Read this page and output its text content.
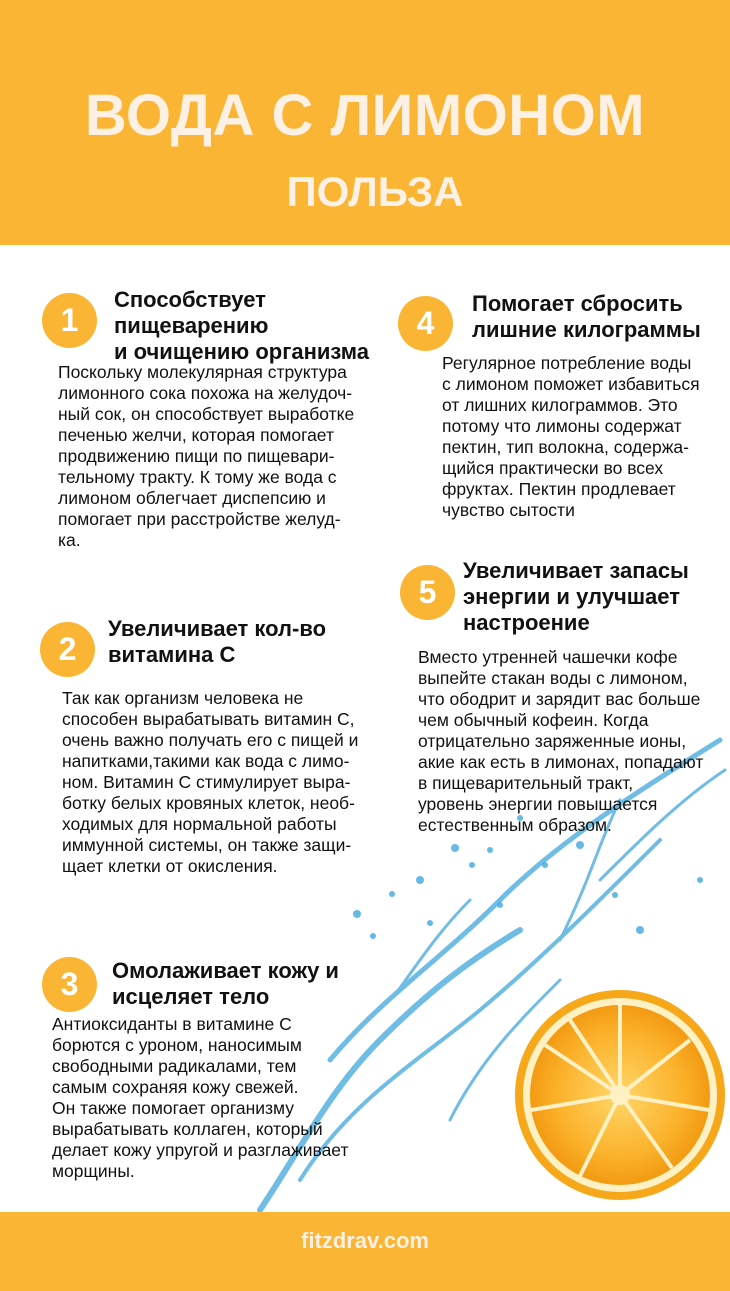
ВОДА С ЛИМОНОМ
ПОЛЬЗА
1
Способствует
пищеварению
и очищению организма
Поскольку молекулярная структура
лимонного сока похожа на желудоч-
ный сок, он способствует выработке
печенью желчи, которая помогает
продвижению пищи по пищевари-
тельному тракту. К тому же вода с
лимоном облегчает диспепсию и
помогает при расстройстве желуд-
ка.
2
Увеличивает кол-во
витамина С
Так как организм человека не
способен вырабатывать витамин С,
очень важно получать его с пищей и
напитками,такими как вода с лимо-
ном. Витамин С стимулирует выра-
ботку белых кровяных клеток, необ-
ходимых для нормальной работы
иммунной системы, он также защи-
щает клетки от окисления.
3	Омолаживает кожу и
исцеляет тело
Антиоксиданты в витамине С
борются с уроном, наносимым
свободными радикалами, тем
самым сохраняя кожу свежей.
Он также помогает организму
вырабатывать коллаген, который
делает кожу упругой и разглаживает
морщины.
4
Помогает сбросить
лишние килограммы
Регулярное потребление воды
с лимоном поможет избавиться
от лишних килограммов. Это
потому что лимоны содержат
пектин, тип волокна, содержа-
щийся практически во всех
фруктах. Пектин продлевает
чувство сытости
5
Увеличивает запасы
энергии и улучшает
настроение
Вместо утренней чашечки кофе
выпейте стакан воды с лимоном,
что ободрит и зарядит вас больше
чем обычный кофеин. Когда
отрицательно заряженные ионы,
акие как есть в лимонах, попадают
в пищеварительный тракт,
уровень энергии повышается
естественным образом.
fitzdrav.com
